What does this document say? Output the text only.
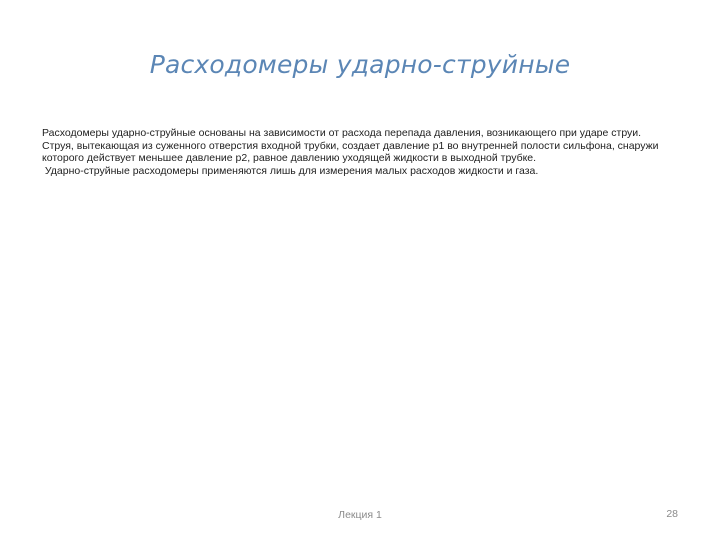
Расходомеры ударно-струйные

Расходомеры ударно-струйные основаны на зависимости от расхода перепада давления, возникающего при ударе струи.

Струя, вытекающая из суженного отверстия входной трубки, создает давление p1 во внутренней полости сильфона, снаружи которого действует меньшее давление p2, равное давлению уходящей жидкости в выходной трубке.

Ударно-струйные расходомеры применяются лишь для измерения малых расходов жидкости и газа.

Лекция 1	28
